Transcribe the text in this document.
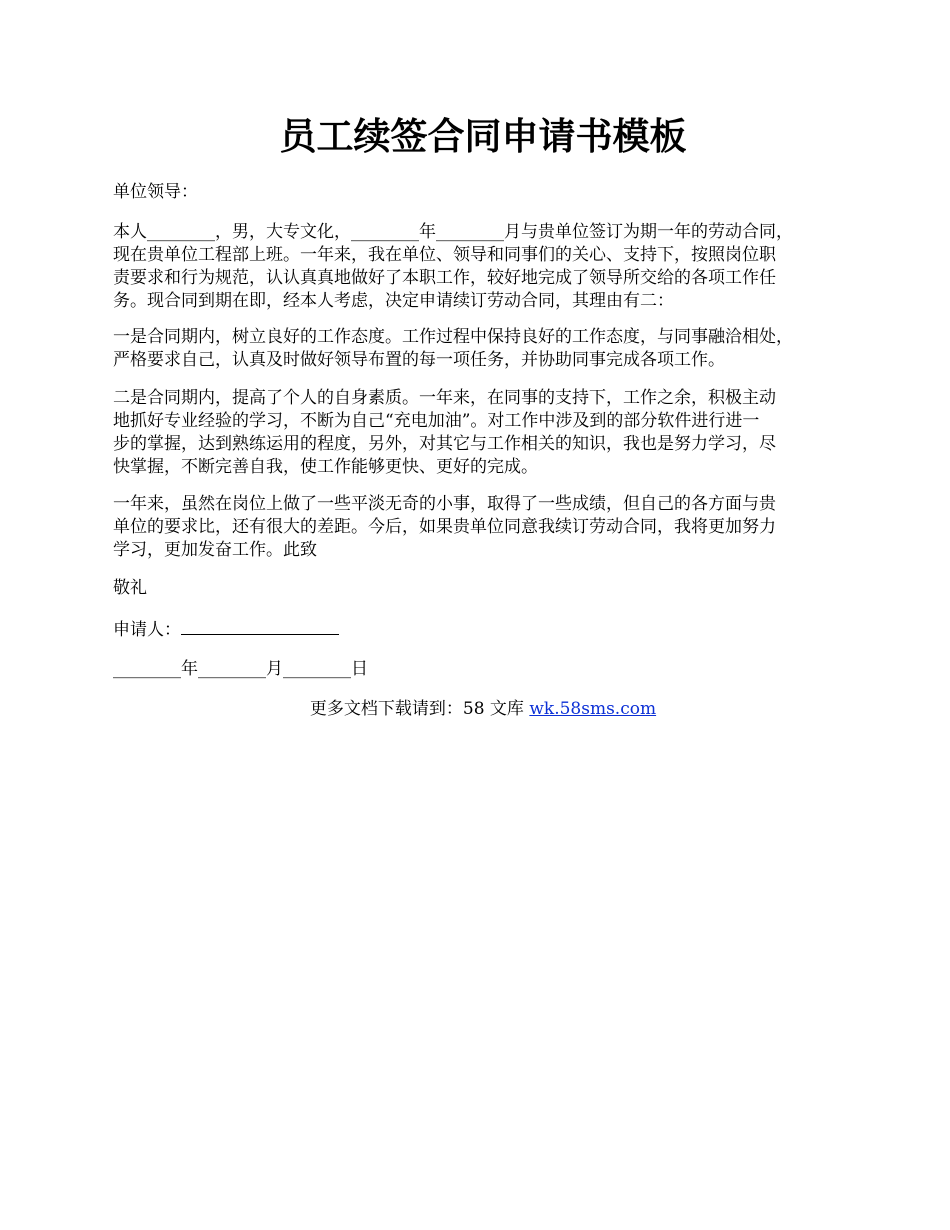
员工续签合同申请书模板
单位领导：
本人________，男，大专文化，________年________月与贵单位签订为期一年的劳动合同，
现在贵单位工程部上班。一年来，我在单位、领导和同事们的关心、支持下，按照岗位职
责要求和行为规范，认认真真地做好了本职工作，较好地完成了领导所交给的各项工作任
务。现合同到期在即，经本人考虑，决定申请续订劳动合同，其理由有二：
一是合同期内，树立良好的工作态度。工作过程中保持良好的工作态度，与同事融洽相处，
严格要求自己，认真及时做好领导布置的每一项任务，并协助同事完成各项工作。
二是合同期内，提高了个人的自身素质。一年来，在同事的支持下，工作之余，积极主动
地抓好专业经验的学习，不断为自己“充电加油”。对工作中涉及到的部分软件进行进一
步的掌握，达到熟练运用的程度，另外，对其它与工作相关的知识，我也是努力学习，尽
快掌握，不断完善自我，使工作能够更快、更好的完成。
一年来，虽然在岗位上做了一些平淡无奇的小事，取得了一些成绩，但自己的各方面与贵
单位的要求比，还有很大的差距。今后，如果贵单位同意我续订劳动合同，我将更加努力
学习，更加发奋工作。此致
敬礼
申请人：
________年________月________日
更多文档下载请到：58 文库 wk.58sms.com
